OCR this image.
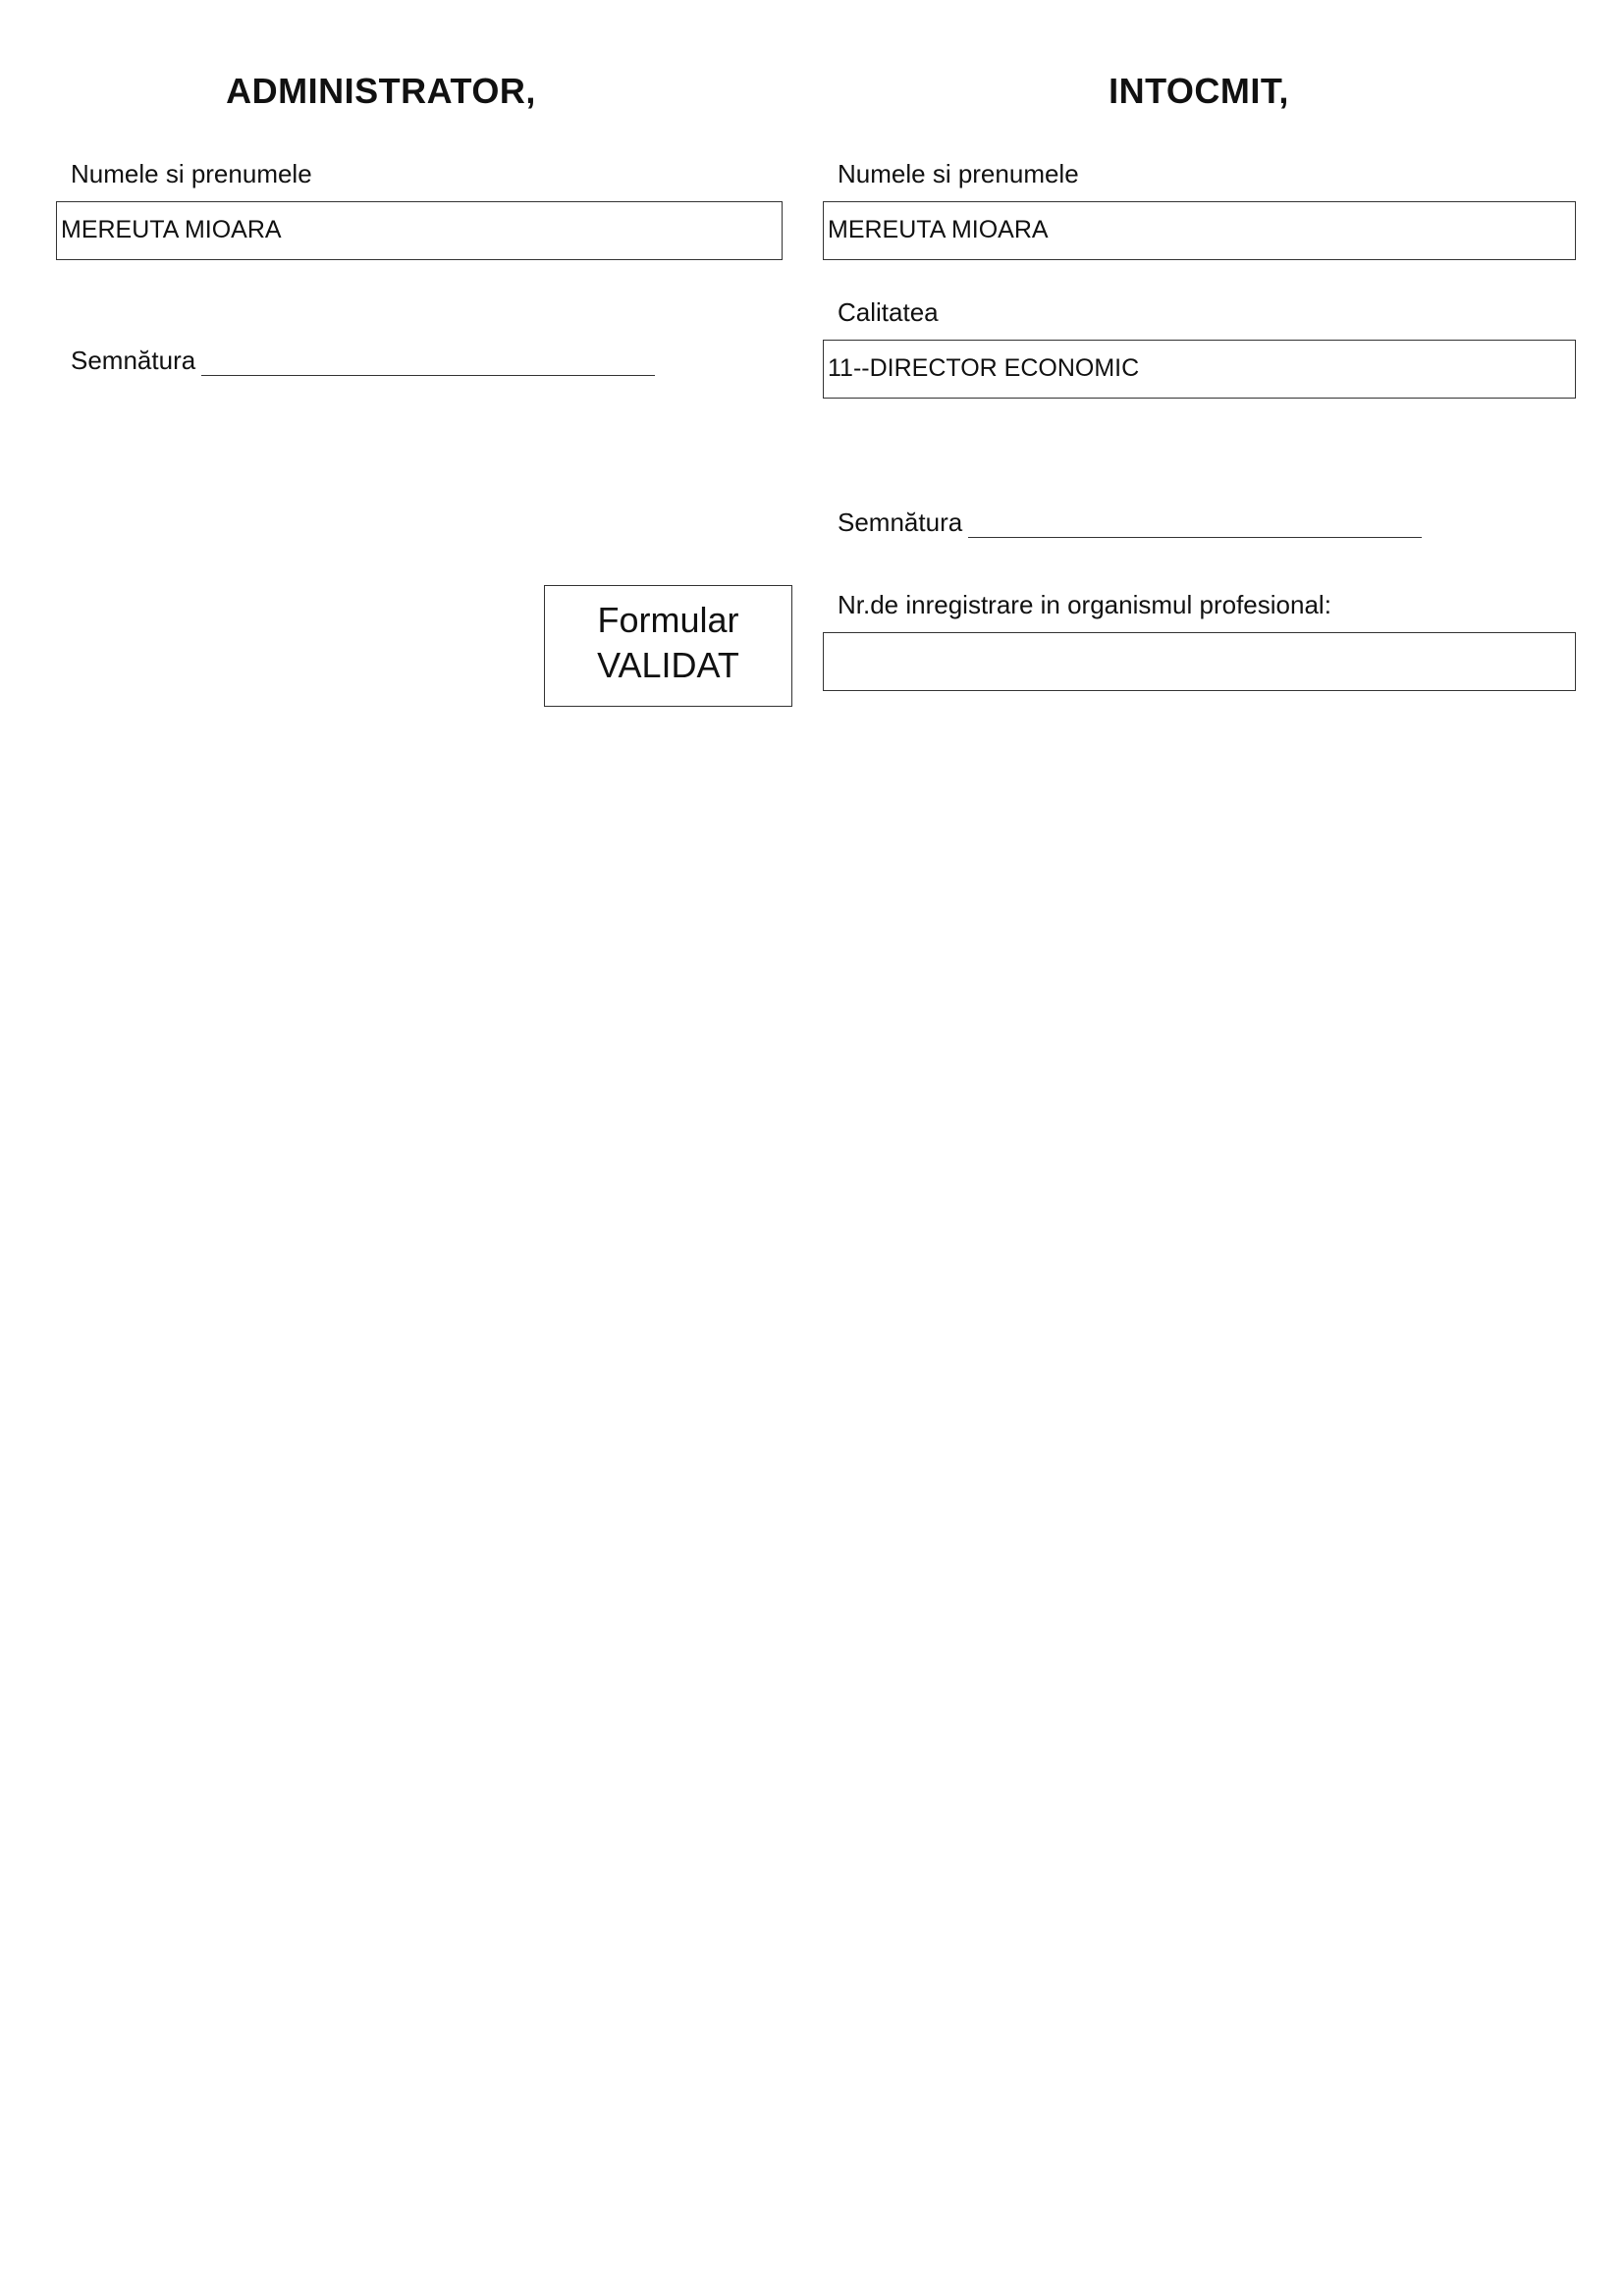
ADMINISTRATOR,
Numele si prenumele
MEREUTA MIOARA
Semnătura
Formular
VALIDAT
INTOCMIT,
Numele si prenumele
MEREUTA MIOARA
Calitatea
11--DIRECTOR ECONOMIC
Semnătura
Nr.de inregistrare in organismul profesional:
